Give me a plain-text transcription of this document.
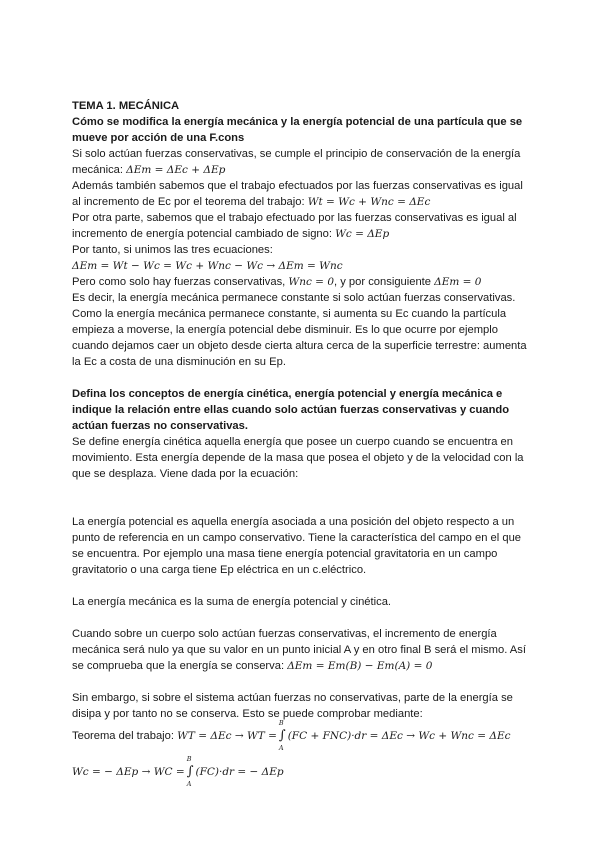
TEMA 1. MECÁNICA

Cómo se modifica la energía mecánica y la energía potencial de una partícula que se mueve por acción de una F.cons

Si solo actúan fuerzas conservativas, se cumple el principio de conservación de la energía mecánica: ΔEm = ΔEc + ΔEp

Además también sabemos que el trabajo efectuados por las fuerzas conservativas es igual al incremento de Ec por el teorema del trabajo: Wt = Wc + Wnc = ΔEc

Por otra parte, sabemos que el trabajo efectuado por las fuerzas conservativas es igual al incremento de energía potencial cambiado de signo: Wc = ΔEp

Por tanto, si unimos las tres ecuaciones: ΔEm = Wt − Wc = Wc + Wnc − Wc → ΔEm = Wnc

Pero como solo hay fuerzas conservativas, Wnc = 0, y por consiguiente ΔEm = 0

Es decir, la energía mecánica permanece constante si solo actúan fuerzas conservativas. Como la energía mecánica permanece constante, si aumenta su Ec cuando la partícula empieza a moverse, la energía potencial debe disminuir. Es lo que ocurre por ejemplo cuando dejamos caer un objeto desde cierta altura cerca de la superficie terrestre: aumenta la Ec a costa de una disminución en su Ep.

Defina los conceptos de energía cinética, energía potencial y energía mecánica e indique la relación entre ellas cuando solo actúan fuerzas conservativas y cuando actúan fuerzas no conservativas.

Se define energía cinética aquella energía que posee un cuerpo cuando se encuentra en movimiento. Esta energía depende de la masa que posea el objeto y de la velocidad con la que se desplaza. Viene dada por la ecuación:

La energía potencial es aquella energía asociada a una posición del objeto respecto a un punto de referencia en un campo conservativo. Tiene la característica del campo en el que se encuentra. Por ejemplo una masa tiene energía potencial gravitatoria en un campo gravitatorio o una carga tiene Ep eléctrica en un c.eléctrico.

La energía mecánica es la suma de energía potencial y cinética.

Cuando sobre un cuerpo solo actúan fuerzas conservativas, el incremento de energía mecánica será nulo ya que su valor en un punto inicial A y en otro final B será el mismo. Así se comprueba que la energía se conserva: ΔEm = Em(B) − Em(A) = 0

Sin embargo, si sobre el sistema actúan fuerzas no conservativas, parte de la energía se disipa y por tanto no se conserva. Esto se puede comprobar mediante:

Teorema del trabajo: WT = ΔEc → WT = ∫
B
A
(FC + FNC)·dr = ΔEc → Wc + Wnc = ΔEc

Wc = − ΔEp → WC = ∫
B
A
(FC)·dr = − ΔEp
